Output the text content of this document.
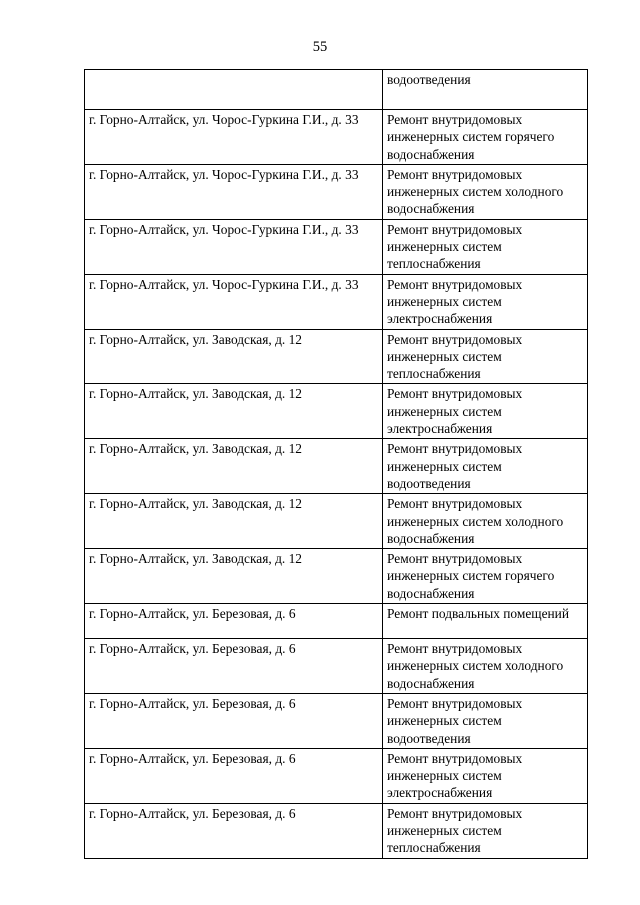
55
	водоотведения
г. Горно-Алтайск, ул. Чорос-Гуркина Г.И., д. 33	Ремонт внутридомовых инженерных систем горячего водоснабжения
г. Горно-Алтайск, ул. Чорос-Гуркина Г.И., д. 33	Ремонт внутридомовых инженерных систем холодного водоснабжения
г. Горно-Алтайск, ул. Чорос-Гуркина Г.И., д. 33	Ремонт внутридомовых инженерных систем теплоснабжения
г. Горно-Алтайск, ул. Чорос-Гуркина Г.И., д. 33	Ремонт внутридомовых инженерных систем электроснабжения
г. Горно-Алтайск, ул. Заводская, д. 12	Ремонт внутридомовых инженерных систем теплоснабжения
г. Горно-Алтайск, ул. Заводская, д. 12	Ремонт внутридомовых инженерных систем электроснабжения
г. Горно-Алтайск, ул. Заводская, д. 12	Ремонт внутридомовых инженерных систем водоотведения
г. Горно-Алтайск, ул. Заводская, д. 12	Ремонт внутридомовых инженерных систем холодного водоснабжения
г. Горно-Алтайск, ул. Заводская, д. 12	Ремонт внутридомовых инженерных систем горячего водоснабжения
г. Горно-Алтайск, ул. Березовая, д. 6	Ремонт подвальных помещений
г. Горно-Алтайск, ул. Березовая, д. 6	Ремонт внутридомовых инженерных систем холодного водоснабжения
г. Горно-Алтайск, ул. Березовая, д. 6	Ремонт внутридомовых инженерных систем водоотведения
г. Горно-Алтайск, ул. Березовая, д. 6	Ремонт внутридомовых инженерных систем электроснабжения
г. Горно-Алтайск, ул. Березовая, д. 6	Ремонт внутридомовых инженерных систем теплоснабжения
